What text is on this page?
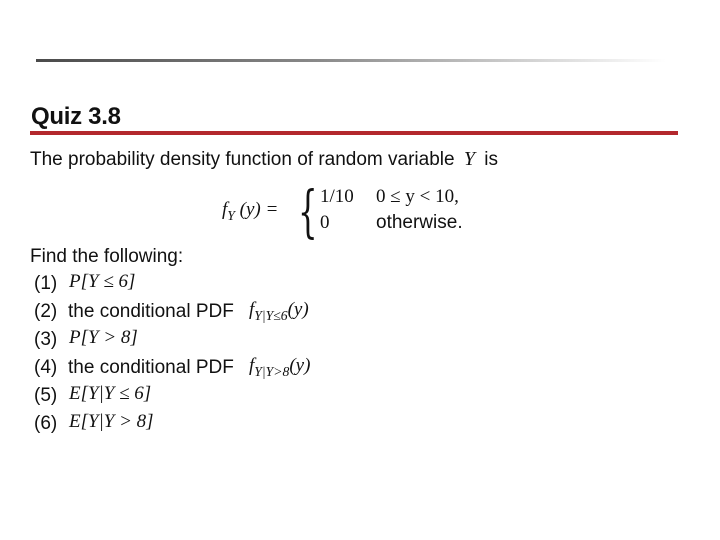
Quiz 3.8
The probability density function of random variable Y is
$f_Y$ (y) = { 1/10 0 ≤ y < 10,
0 otherwise.
Find the following:
(1) P[Y ≤ 6]
(2) the conditional PDF $f_{Y|Y\le 6}(y)$
(3) P[Y > 8]
(4) the conditional PDF $f_{Y|Y>8}(y)$
(5) E[Y|Y ≤ 6]
(6) E[Y|Y > 8]
